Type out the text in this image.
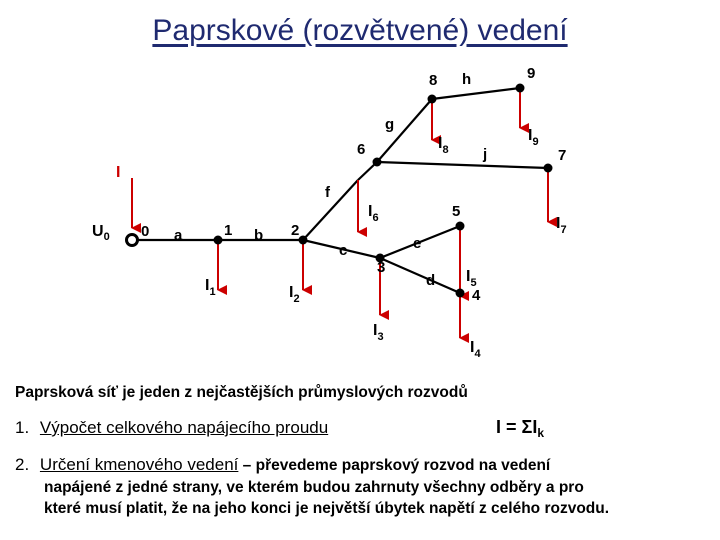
Paprskové (rozvětvené) vedení
0	1	2
3
4
5
6	7
8	9
a	b
c
d
e
f
g
h
j
$U_0$
I
$I_1$	$I_2$
$I_3$
$I_4$
$I_5$
$I_6$	$I_7$
$I_8$
$I_9$
Paprsková síť je jeden z nejčastějších průmyslových rozvodů
1. Výpočet celkového napájecího proudu	$I = \Sigma I_k$
2. Určení kmenového vedení – převedeme paprskový rozvod na vedení
napájené z jedné strany, ve kterém budou zahrnuty všechny odběry a pro
které musí platit, že na jeho konci je největší úbytek napětí z celého rozvodu.
